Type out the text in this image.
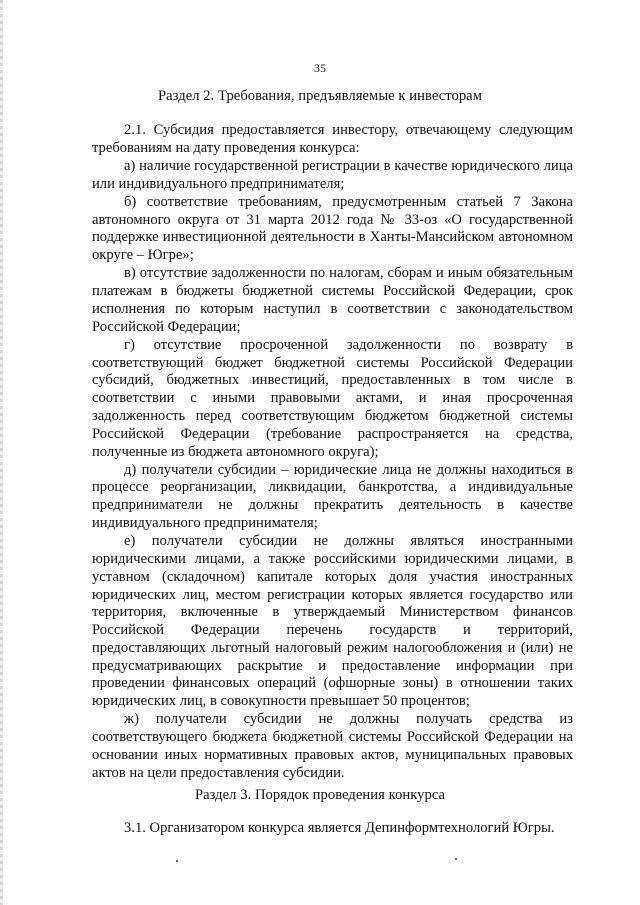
35
Раздел 2. Требования, предъявляемые к инвесторам

2.1. Субсидия предоставляется инвестору, отвечающему следующим требованиям на дату проведения конкурса:

а) наличие государственной регистрации в качестве юридического лица или индивидуального предпринимателя;

б) соответствие требованиям, предусмотренным статьей 7 Закона автономного округа от 31 марта 2012 года № 33-оз «О государственной поддержке инвестиционной деятельности в Ханты-Мансийском автономном округе – Югре»;

в) отсутствие задолженности по налогам, сборам и иным обязательным платежам в бюджеты бюджетной системы Российской Федерации, срок исполнения по которым наступил в соответствии с законодательством Российской Федерации;

г) отсутствие просроченной задолженности по возврату в соответствующий бюджет бюджетной системы Российской Федерации субсидий, бюджетных инвестиций, предоставленных в том числе в соответствии с иными правовыми актами, и иная просроченная задолженность перед соответствующим бюджетом бюджетной системы Российской Федерации (требование распространяется на средства, полученные из бюджета автономного округа);

д) получатели субсидии – юридические лица не должны находиться в процессе реорганизации, ликвидации, банкротства, а индивидуальные предприниматели не должны прекратить деятельность в качестве индивидуального предпринимателя;

е) получатели субсидии не должны являться иностранными юридическими лицами, а также российскими юридическими лицами, в уставном (складочном) капитале которых доля участия иностранных юридических лиц, местом регистрации которых является государство или территория, включенные в утверждаемый Министерством финансов Российской Федерации перечень государств и территорий, предоставляющих льготный налоговый режим налогообложения и (или) не предусматривающих раскрытие и предоставление информации при проведении финансовых операций (офшорные зоны) в отношении таких юридических лиц, в совокупности превышает 50 процентов;

ж) получатели субсидии не должны получать средства из соответствующего бюджета бюджетной системы Российской Федерации на основании иных нормативных правовых актов, муниципальных правовых актов на цели предоставления субсидии.

Раздел 3. Порядок проведения конкурса

3.1. Организатором конкурса является Депинформтехнологий Югры.
